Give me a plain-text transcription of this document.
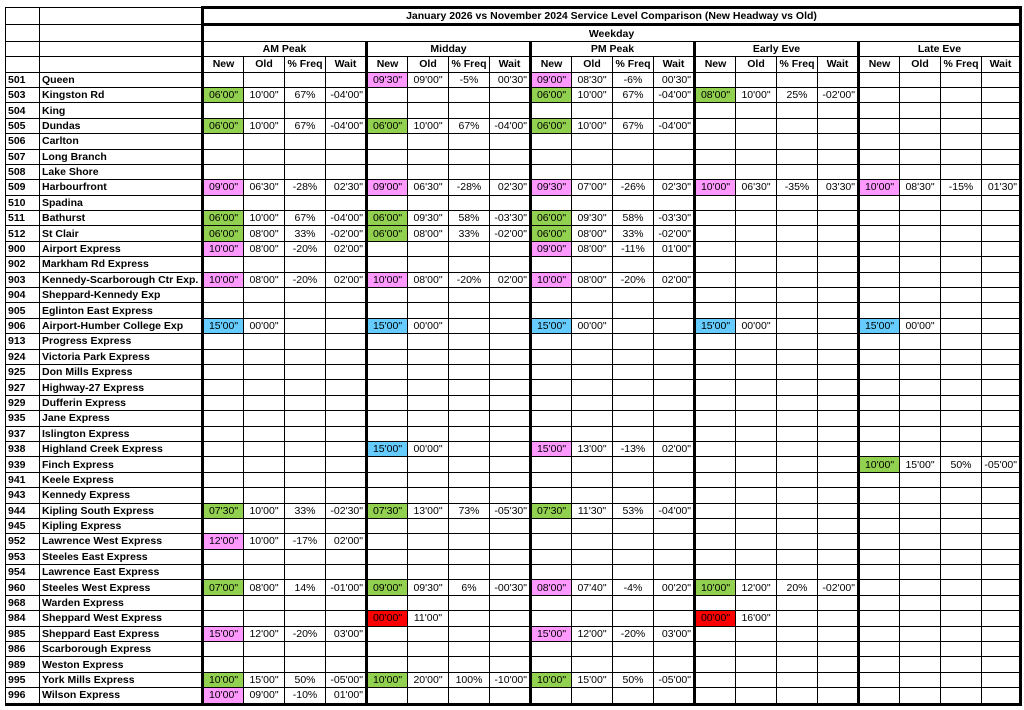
		January 2026 vs November 2024 Service Level Comparison (New Headway vs Old)																			
		Weekday																			
		AM Peak				Midday				PM Peak				Early Eve				Late Eve			
		New	Old	% Freq	Wait	New	Old	% Freq	Wait	New	Old	% Freq	Wait	New	Old	% Freq	Wait	New	Old	% Freq	Wait
501	Queen					09'30"	09'00"	-5%	00'30"	09'00"	08'30"	-6%	00'30"								
503	Kingston Rd	06'00"	10'00"	67%	-04'00"					06'00"	10'00"	67%	-04'00"	08'00"	10'00"	25%	-02'00"				
504	King																				
505	Dundas	06'00"	10'00"	67%	-04'00"	06'00"	10'00"	67%	-04'00"	06'00"	10'00"	67%	-04'00"								
506	Carlton																				
507	Long Branch																				
508	Lake Shore																				
509	Harbourfront	09'00"	06'30"	-28%	02'30"	09'00"	06'30"	-28%	02'30"	09'30"	07'00"	-26%	02'30"	10'00"	06'30"	-35%	03'30"	10'00"	08'30"	-15%	01'30"
510	Spadina																				
511	Bathurst	06'00"	10'00"	67%	-04'00"	06'00"	09'30"	58%	-03'30"	06'00"	09'30"	58%	-03'30"								
512	St Clair	06'00"	08'00"	33%	-02'00"	06'00"	08'00"	33%	-02'00"	06'00"	08'00"	33%	-02'00"								
900	Airport Express	10'00"	08'00"	-20%	02'00"					09'00"	08'00"	-11%	01'00"								
902	Markham Rd Express																				
903	Kennedy-Scarborough Ctr Exp.	10'00"	08'00"	-20%	02'00"	10'00"	08'00"	-20%	02'00"	10'00"	08'00"	-20%	02'00"								
904	Sheppard-Kennedy Exp																				
905	Eglinton East Express																				
906	Airport-Humber College Exp	15'00"	00'00"			15'00"	00'00"			15'00"	00'00"			15'00"	00'00"			15'00"	00'00"		
913	Progress Express																				
924	Victoria Park Express																				
925	Don Mills Express																				
927	Highway-27 Express																				
929	Dufferin Express																				
935	Jane Express																				
937	Islington Express																				
938	Highland Creek Express					15'00"	00'00"			15'00"	13'00"	-13%	02'00"								
939	Finch Express																	10'00"	15'00"	50%	-05'00"
941	Keele Express																				
943	Kennedy Express																				
944	Kipling South Express	07'30"	10'00"	33%	-02'30"	07'30"	13'00"	73%	-05'30"	07'30"	11'30"	53%	-04'00"								
945	Kipling Express																				
952	Lawrence West Express	12'00"	10'00"	-17%	02'00"																
953	Steeles East Express																				
954	Lawrence East Express																				
960	Steeles West Express	07'00"	08'00"	14%	-01'00"	09'00"	09'30"	6%	-00'30"	08'00"	07'40"	-4%	00'20"	10'00"	12'00"	20%	-02'00"				
968	Warden Express																				
984	Sheppard West Express					00'00"	11'00"							00'00"	16'00"						
985	Sheppard East Express	15'00"	12'00"	-20%	03'00"					15'00"	12'00"	-20%	03'00"								
986	Scarborough Express																				
989	Weston Express																				
995	York Mills Express	10'00"	15'00"	50%	-05'00"	10'00"	20'00"	100%	-10'00"	10'00"	15'00"	50%	-05'00"								
996	Wilson Express	10'00"	09'00"	-10%	01'00"																
